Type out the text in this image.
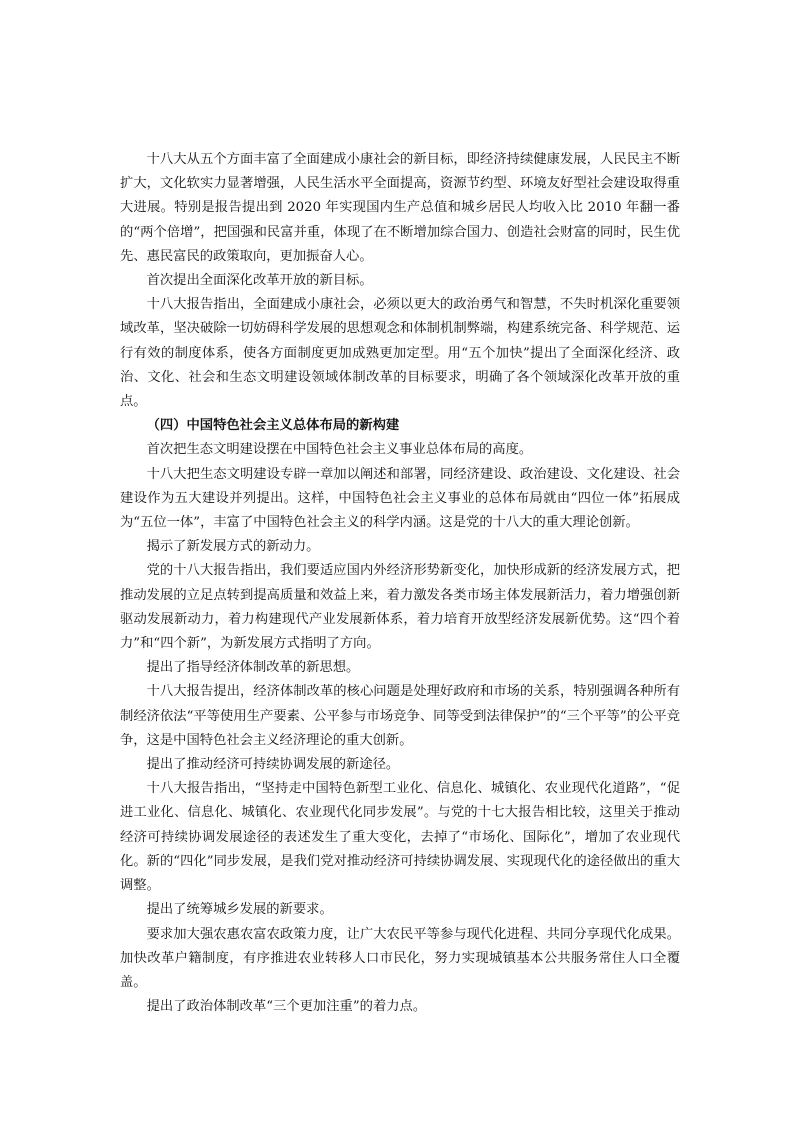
十八大从五个方面丰富了全面建成小康社会的新目标，即经济持续健康发展，人民民主不断扩大，文化软实力显著增强，人民生活水平全面提高，资源节约型、环境友好型社会建设取得重大进展。特别是报告提出到 2020 年实现国内生产总值和城乡居民人均收入比 2010 年翻一番的“两个倍增”，把国强和民富并重，体现了在不断增加综合国力、创造社会财富的同时，民生优先、惠民富民的政策取向，更加振奋人心。

首次提出全面深化改革开放的新目标。

十八大报告指出，全面建成小康社会，必须以更大的政治勇气和智慧，不失时机深化重要领域改革，坚决破除一切妨碍科学发展的思想观念和体制机制弊端，构建系统完备、科学规范、运行有效的制度体系，使各方面制度更加成熟更加定型。用“五个加快”提出了全面深化经济、政治、文化、社会和生态文明建设领域体制改革的目标要求，明确了各个领域深化改革开放的重点。

（四）中国特色社会主义总体布局的新构建

首次把生态文明建设摆在中国特色社会主义事业总体布局的高度。

十八大把生态文明建设专辟一章加以阐述和部署，同经济建设、政治建设、文化建设、社会建设作为五大建设并列提出。这样，中国特色社会主义事业的总体布局就由“四位一体”拓展成为“五位一体”，丰富了中国特色社会主义的科学内涵。这是党的十八大的重大理论创新。

揭示了新发展方式的新动力。

党的十八大报告指出，我们要适应国内外经济形势新变化，加快形成新的经济发展方式，把推动发展的立足点转到提高质量和效益上来，着力激发各类市场主体发展新活力，着力增强创新驱动发展新动力，着力构建现代产业发展新体系，着力培育开放型经济发展新优势。这“四个着力”和“四个新”，为新发展方式指明了方向。

提出了指导经济体制改革的新思想。

十八大报告提出，经济体制改革的核心问题是处理好政府和市场的关系，特别强调各种所有制经济依法“平等使用生产要素、公平参与市场竞争、同等受到法律保护”的“三个平等”的公平竞争，这是中国特色社会主义经济理论的重大创新。

提出了推动经济可持续协调发展的新途径。

十八大报告指出，“坚持走中国特色新型工业化、信息化、城镇化、农业现代化道路”，“促进工业化、信息化、城镇化、农业现代化同步发展”。与党的十七大报告相比较，这里关于推动经济可持续协调发展途径的表述发生了重大变化，去掉了“市场化、国际化”，增加了农业现代化。新的“四化”同步发展，是我们党对推动经济可持续协调发展、实现现代化的途径做出的重大调整。

提出了统筹城乡发展的新要求。

要求加大强农惠农富农政策力度，让广大农民平等参与现代化进程、共同分享现代化成果。加快改革户籍制度，有序推进农业转移人口市民化，努力实现城镇基本公共服务常住人口全覆盖。

提出了政治体制改革“三个更加注重”的着力点。
